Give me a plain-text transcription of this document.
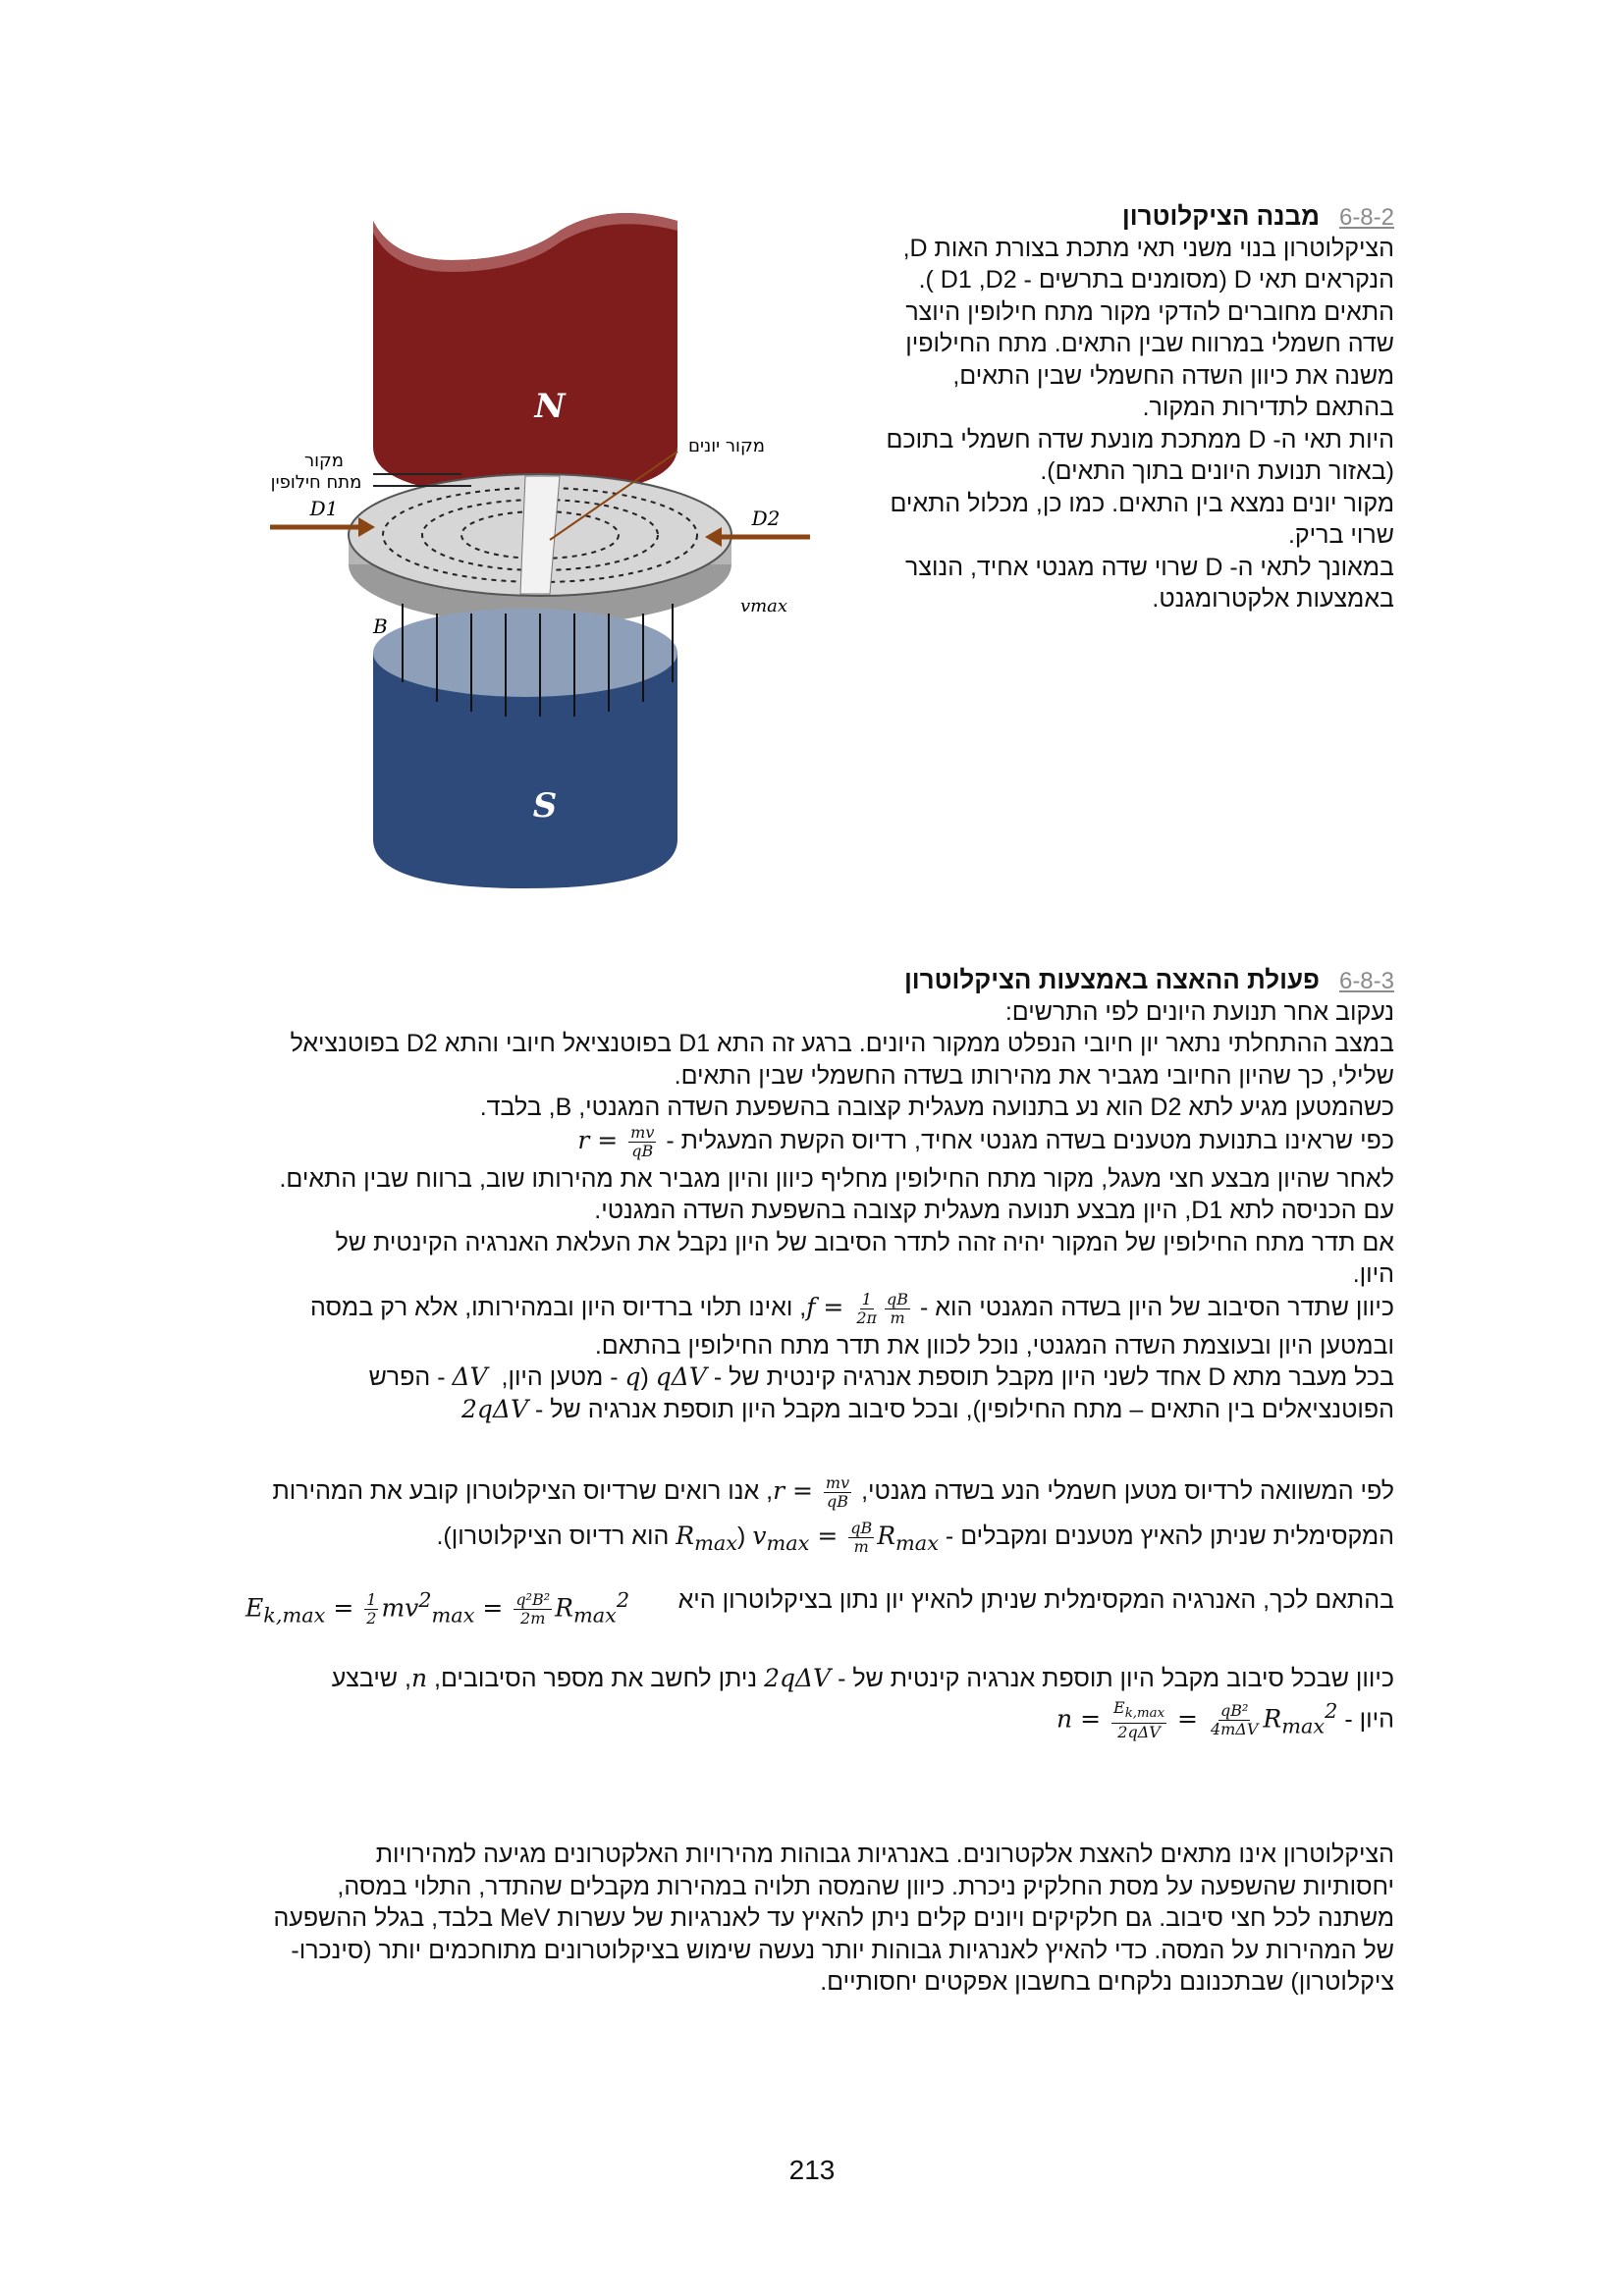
N
מקור יונים
מקור
מתח חילופין
D1	D2
S
B
vmax
6-8-2מבנה הציקלוטרון
הציקלוטרון בנוי משני תאי מתכת בצורת האות D,
הנקראים תאי D (מסומנים בתרשים - D1 ,D2 ).
התאים מחוברים להדקי מקור מתח חילופין היוצר
שדה חשמלי במרווח שבין התאים. מתח החילופין
משנה את כיוון השדה החשמלי שבין התאים,
בהתאם לתדירות המקור.
היות תאי ה- D ממתכת מונעת שדה חשמלי בתוכם
(באזור תנועת היונים בתוך התאים).
מקור יונים נמצא בין התאים. כמו כן, מכלול התאים
שרוי בריק.
במאונך לתאי ה- D שרוי שדה מגנטי אחיד, הנוצר
באמצעות אלקטרומגנט.
6-8-3פעולת ההאצה באמצעות הציקלוטרון
נעקוב אחר תנועת היונים לפי התרשים:
במצב ההתחלתי נתאר יון חיובי הנפלט ממקור היונים. ברגע זה התא D1 בפוטנציאל חיובי והתא D2 בפוטנציאל
שלילי, כך שהיון החיובי מגביר את מהירותו בשדה החשמלי שבין התאים.
כשהמטען מגיע לתא D2 הוא נע בתנועה מעגלית קצובה בהשפעת השדה המגנטי, B, בלבד.
כפי שראינו בתנועת מטענים בשדה מגנטי אחיד, רדיוס הקשת המעגלית - $r = \frac{mv}{qB}$
לאחר שהיון מבצע חצי מעגל, מקור מתח החילופין מחליף כיוון והיון מגביר את מהירותו שוב, ברווח שבין התאים.
עם הכניסה לתא D1, היון מבצע תנועה מעגלית קצובה בהשפעת השדה המגנטי.
אם תדר מתח החילופין של המקור יהיה זהה לתדר הסיבוב של היון נקבל את העלאת האנרגיה הקינטית של
היון.
כיוון שתדר הסיבוב של היון בשדה המגנטי הוא - $f = \frac{1}{2\pi} \frac{qB}{m}$
, ואינו תלוי ברדיוס היון ובמהירותו, אלא רק במסה
ובמטען היון ובעוצמת השדה המגנטי, נוכל לכוון את תדר מתח החילופין בהתאם.
בכל מעבר מתא D אחד לשני היון מקבל תוספת אנרגיה קינטית של - qΔV (q - מטען היון,  ΔV - הפרש
הפוטנציאלים בין התאים – מתח החילופין), ובכל סיבוב מקבל היון תוספת אנרגיה של - 2qΔV
לפי המשוואה לרדיוס מטען חשמלי הנע בשדה מגנטי, $r = \frac{mv}{qB}$
, אנו רואים שרדיוס הציקלוטרון קובע את המהירות
המקסימלית שניתן להאיץ מטענים ומקבלים - $v_{max} = \frac{qB}{m} R_{max}$ ($R_{max}$ הוא רדיוס הציקלוטרון).
בהתאם לכך, האנרגיה המקסימלית שניתן להאיץ יון נתון בציקלוטרון היא
$E_{k,max} = \frac{1}{2} mv^2_{max} = \frac{\text{q²B²}}{2m} R_{max}^2$
כיוון שבכל סיבוב מקבל היון תוספת אנרגיה קינטית של - 2qΔV ניתן לחשב את מספר הסיבובים, n, שיבצע
היון - $n = \frac{E_{k,max}}{\text{2qΔV}} = \frac{\text{qB²}}{\text{4mΔV}} R_{max}^2$
הציקלוטרון אינו מתאים להאצת אלקטרונים. באנרגיות גבוהות מהירויות האלקטרונים מגיעה למהירויות
יחסותיות שהשפעה על מסת החלקיק ניכרת. כיוון שהמסה תלויה במהירות מקבלים שהתדר, התלוי במסה,
משתנה לכל חצי סיבוב. גם חלקיקים ויונים קלים ניתן להאיץ עד לאנרגיות של עשרות MeV בלבד, בגלל ההשפעה
של המהירות על המסה. כדי להאיץ לאנרגיות גבוהות יותר נעשה שימוש בציקלוטרונים מתוחכמים יותר (סינכרו-
ציקלוטרון) שבתכנונם נלקחים בחשבון אפקטים יחסותיים.
213
